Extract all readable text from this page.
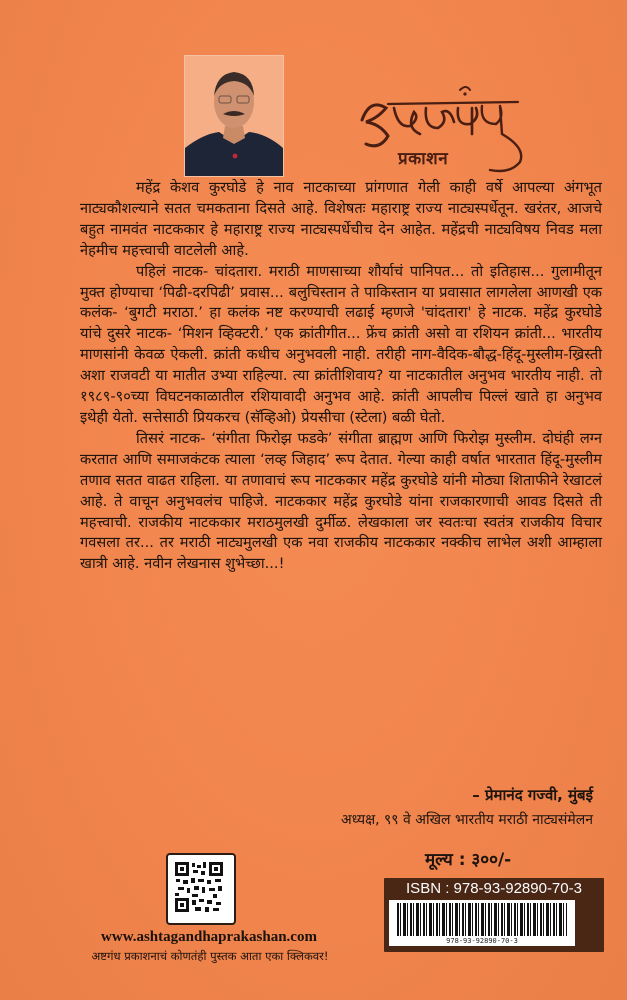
प्रकाशन

महेंद्र केशव कुरघोडे हे नाव नाटकाच्या प्रांगणात गेली काही वर्षे आपल्या अंगभूत नाट्यकौशल्याने सतत चमकताना दिसते आहे. विशेषतः महाराष्ट्र राज्य नाट्यस्पर्धेतून. खरंतर, आजचे बहुत नामवंत नाटककार हे महाराष्ट्र राज्य नाट्यस्पर्धेचीच देन आहेत. महेंद्रची नाट्यविषय निवड मला नेहमीच महत्त्वाची वाटलेली आहे.

पहिलं नाटक- चांदतारा. मराठी माणसाच्या शौर्याचं पानिपत... तो इतिहास... गुलामीतून मुक्त होण्याचा ‘पिढी-दरपिढी’ प्रवास... बलुचिस्तान ते पाकिस्तान या प्रवासात लागलेला आणखी एक कलंक- ‘बुगटी मराठा.’ हा कलंक नष्ट करण्याची लढाई म्हणजे 'चांदतारा' हे नाटक. महेंद्र कुरघोडे यांचे दुसरे नाटक- ‘मिशन व्हिक्टरी.’ एक क्रांतीगीत... फ्रेंच क्रांती असो वा रशियन क्रांती... भारतीय माणसांनी केवळ ऐकली. क्रांती कधीच अनुभवली नाही. तरीही नाग-वैदिक-बौद्ध-हिंदू-मुस्लीम-ख्रिस्ती अशा राजवटी या मातीत उभ्या राहिल्या. त्या क्रांतीशिवाय? या नाटकातील अनुभव भारतीय नाही. तो १९८९-९०च्या विघटनकाळातील रशियावादी अनुभव आहे. क्रांती आपलीच पिल्लं खाते हा अनुभव इथेही येतो. सत्तेसाठी प्रियकरच (सॅव्हिओ) प्रेयसीचा (स्टेला) बळी घेतो.

तिसरं नाटक- ‘संगीता फिरोझ फडके’ संगीता ब्राह्मण आणि फिरोझ मुस्लीम. दोघंही लग्न करतात आणि समाजकंटक त्याला ‘लव्ह जिहाद’ रूप देतात. गेल्या काही वर्षात भारतात हिंदू-मुस्लीम तणाव सतत वाढत राहिला. या तणावाचं रूप नाटककार महेंद्र कुरघोडे यांनी मोठ्या शिताफीने रेखाटलं आहे. ते वाचून अनुभवलंच पाहिजे. नाटककार महेंद्र कुरघोडे यांना राजकारणाची आवड दिसते ती महत्त्वाची. राजकीय नाटककार मराठमुलखी दुर्मीळ. लेखकाला जर स्वतःचा स्वतंत्र राजकीय विचार गवसला तर... तर मराठी नाट्यमुलखी एक नवा राजकीय नाटककार नक्कीच लाभेल अशी आम्हाला खात्री आहे. नवीन लेखनास शुभेच्छा...!

– प्रेमानंद गज्वी, मुंबई
अध्यक्ष, ९९ वे अखिल भारतीय मराठी नाट्यसंमेलन
www.ashtagandhaprakashan.com
अष्टगंध प्रकाशनाचं कोणतंही पुस्तक आता एका क्लिकवर!
मूल्य : ३००/-
ISBN : 978-93-92890-70-3
978-93-92890-70-3
